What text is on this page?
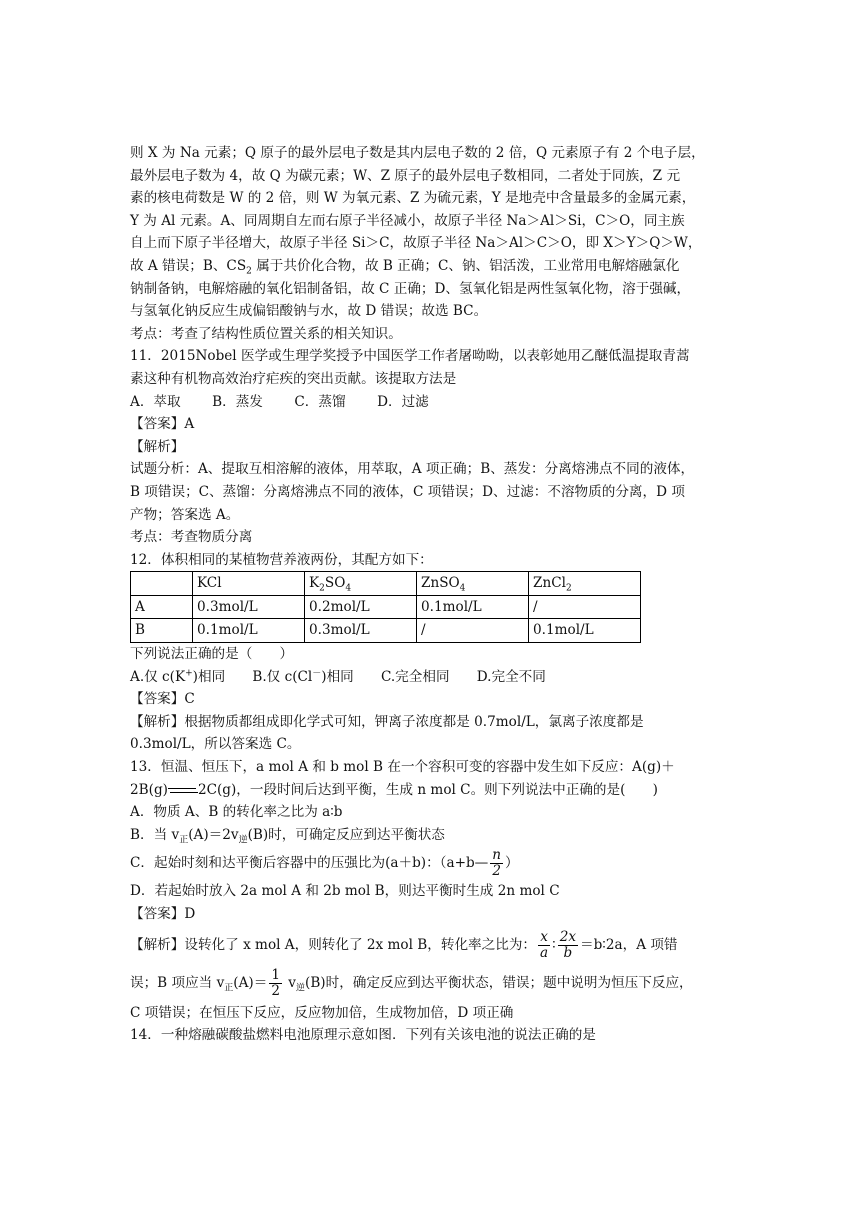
则 X 为 Na 元素；Q 原子的最外层电子数是其内层电子数的 2 倍，Q 元素原子有 2 个电子层，
最外层电子数为 4，故 Q 为碳元素；W、Z 原子的最外层电子数相同，二者处于同族，Z 元
素的核电荷数是 W 的 2 倍，则 W 为氧元素、Z 为硫元素，Y 是地壳中含量最多的金属元素，
Y 为 Al 元素。A、同周期自左而右原子半径减小，故原子半径 Na＞Al＞Si，C＞O，同主族
自上而下原子半径增大，故原子半径 Si＞C，故原子半径 Na＞Al＞C＞O，即 X＞Y＞Q＞W，
故 A 错误；B、$CS_2$ 属于共价化合物，故 B 正确；C、钠、铝活泼，工业常用电解熔融氯化
钠制备钠，电解熔融的氧化铝制备铝，故 C 正确；D、氢氧化铝是两性氢氧化物，溶于强碱，
与氢氧化钠反应生成偏铝酸钠与水，故 D 错误；故选 BC。
考点：考查了结构性质位置关系的相关知识。
11．2015Nobel 医学或生理学奖授予中国医学工作者屠呦呦，以表彰她用乙醚低温提取青蒿
素这种有机物高效治疗疟疾的突出贡献。该提取方法是
A．萃取　　 B．蒸发　　 C．蒸馏　　 D．过滤
【答案】A
【解析】
试题分析：A、提取互相溶解的液体，用萃取，A 项正确；B、蒸发：分离熔沸点不同的液体，
B 项错误；C、蒸馏：分离熔沸点不同的液体，C 项错误；D、过滤：不溶物质的分离，D 项
产物；答案选 A。
考点：考查物质分离
12．体积相同的某植物营养液两份，其配方如下：
	KCl	$K_2SO_4$	ZnSO$_4$	ZnCl$_2$
A	0.3mol/L	0.2mol/L	0.1mol/L	/
B	0.1mol/L	0.3mol/L	/	0.1mol/L
下列说法正确的是（　　）
A.仅 c(K+)相同　　B.仅 c(Cl－)相同　　C.完全相同　　D.完全不同
【答案】C
【解析】根据物质都组成即化学式可知，钾离子浓度都是 0.7mol/L，氯离子浓度都是
0.3mol/L，所以答案选 C。
13．恒温、恒压下，a mol A 和 b mol B 在一个容积可变的容器中发生如下反应：A(g)＋
2B(g) 2C(g)，一段时间后达到平衡，生成 n mol C。则下列说法中正确的是(　　)
A．物质 A、B 的转化率之比为 a∶b
B．当 $v_正(A)=2v_逆(B)$时，可确定反应到达平衡状态
C．起始时刻和达平衡后容器中的压强比为(a＋b)：（a+b— $\frac{n}{2}$ ）
D．若起始时放入 2a mol A 和 2b mol B，则达平衡时生成 2n mol C
【答案】D
【解析】设转化了 x mol A，则转化了 2x mol B，转化率之比为： $\frac{x}{a}$ ∶ $\frac{2x}{b}$ ＝b∶2a，A 项错
误；B 项应当 $v_正(A)= \frac{1}{2} v_逆(B)$时，确定反应到达平衡状态，错误；题中说明为恒压下反应，
C 项错误；在恒压下反应，反应物加倍，生成物加倍，D 项正确
14．一种熔融碳酸盐燃料电池原理示意如图．下列有关该电池的说法正确的是
